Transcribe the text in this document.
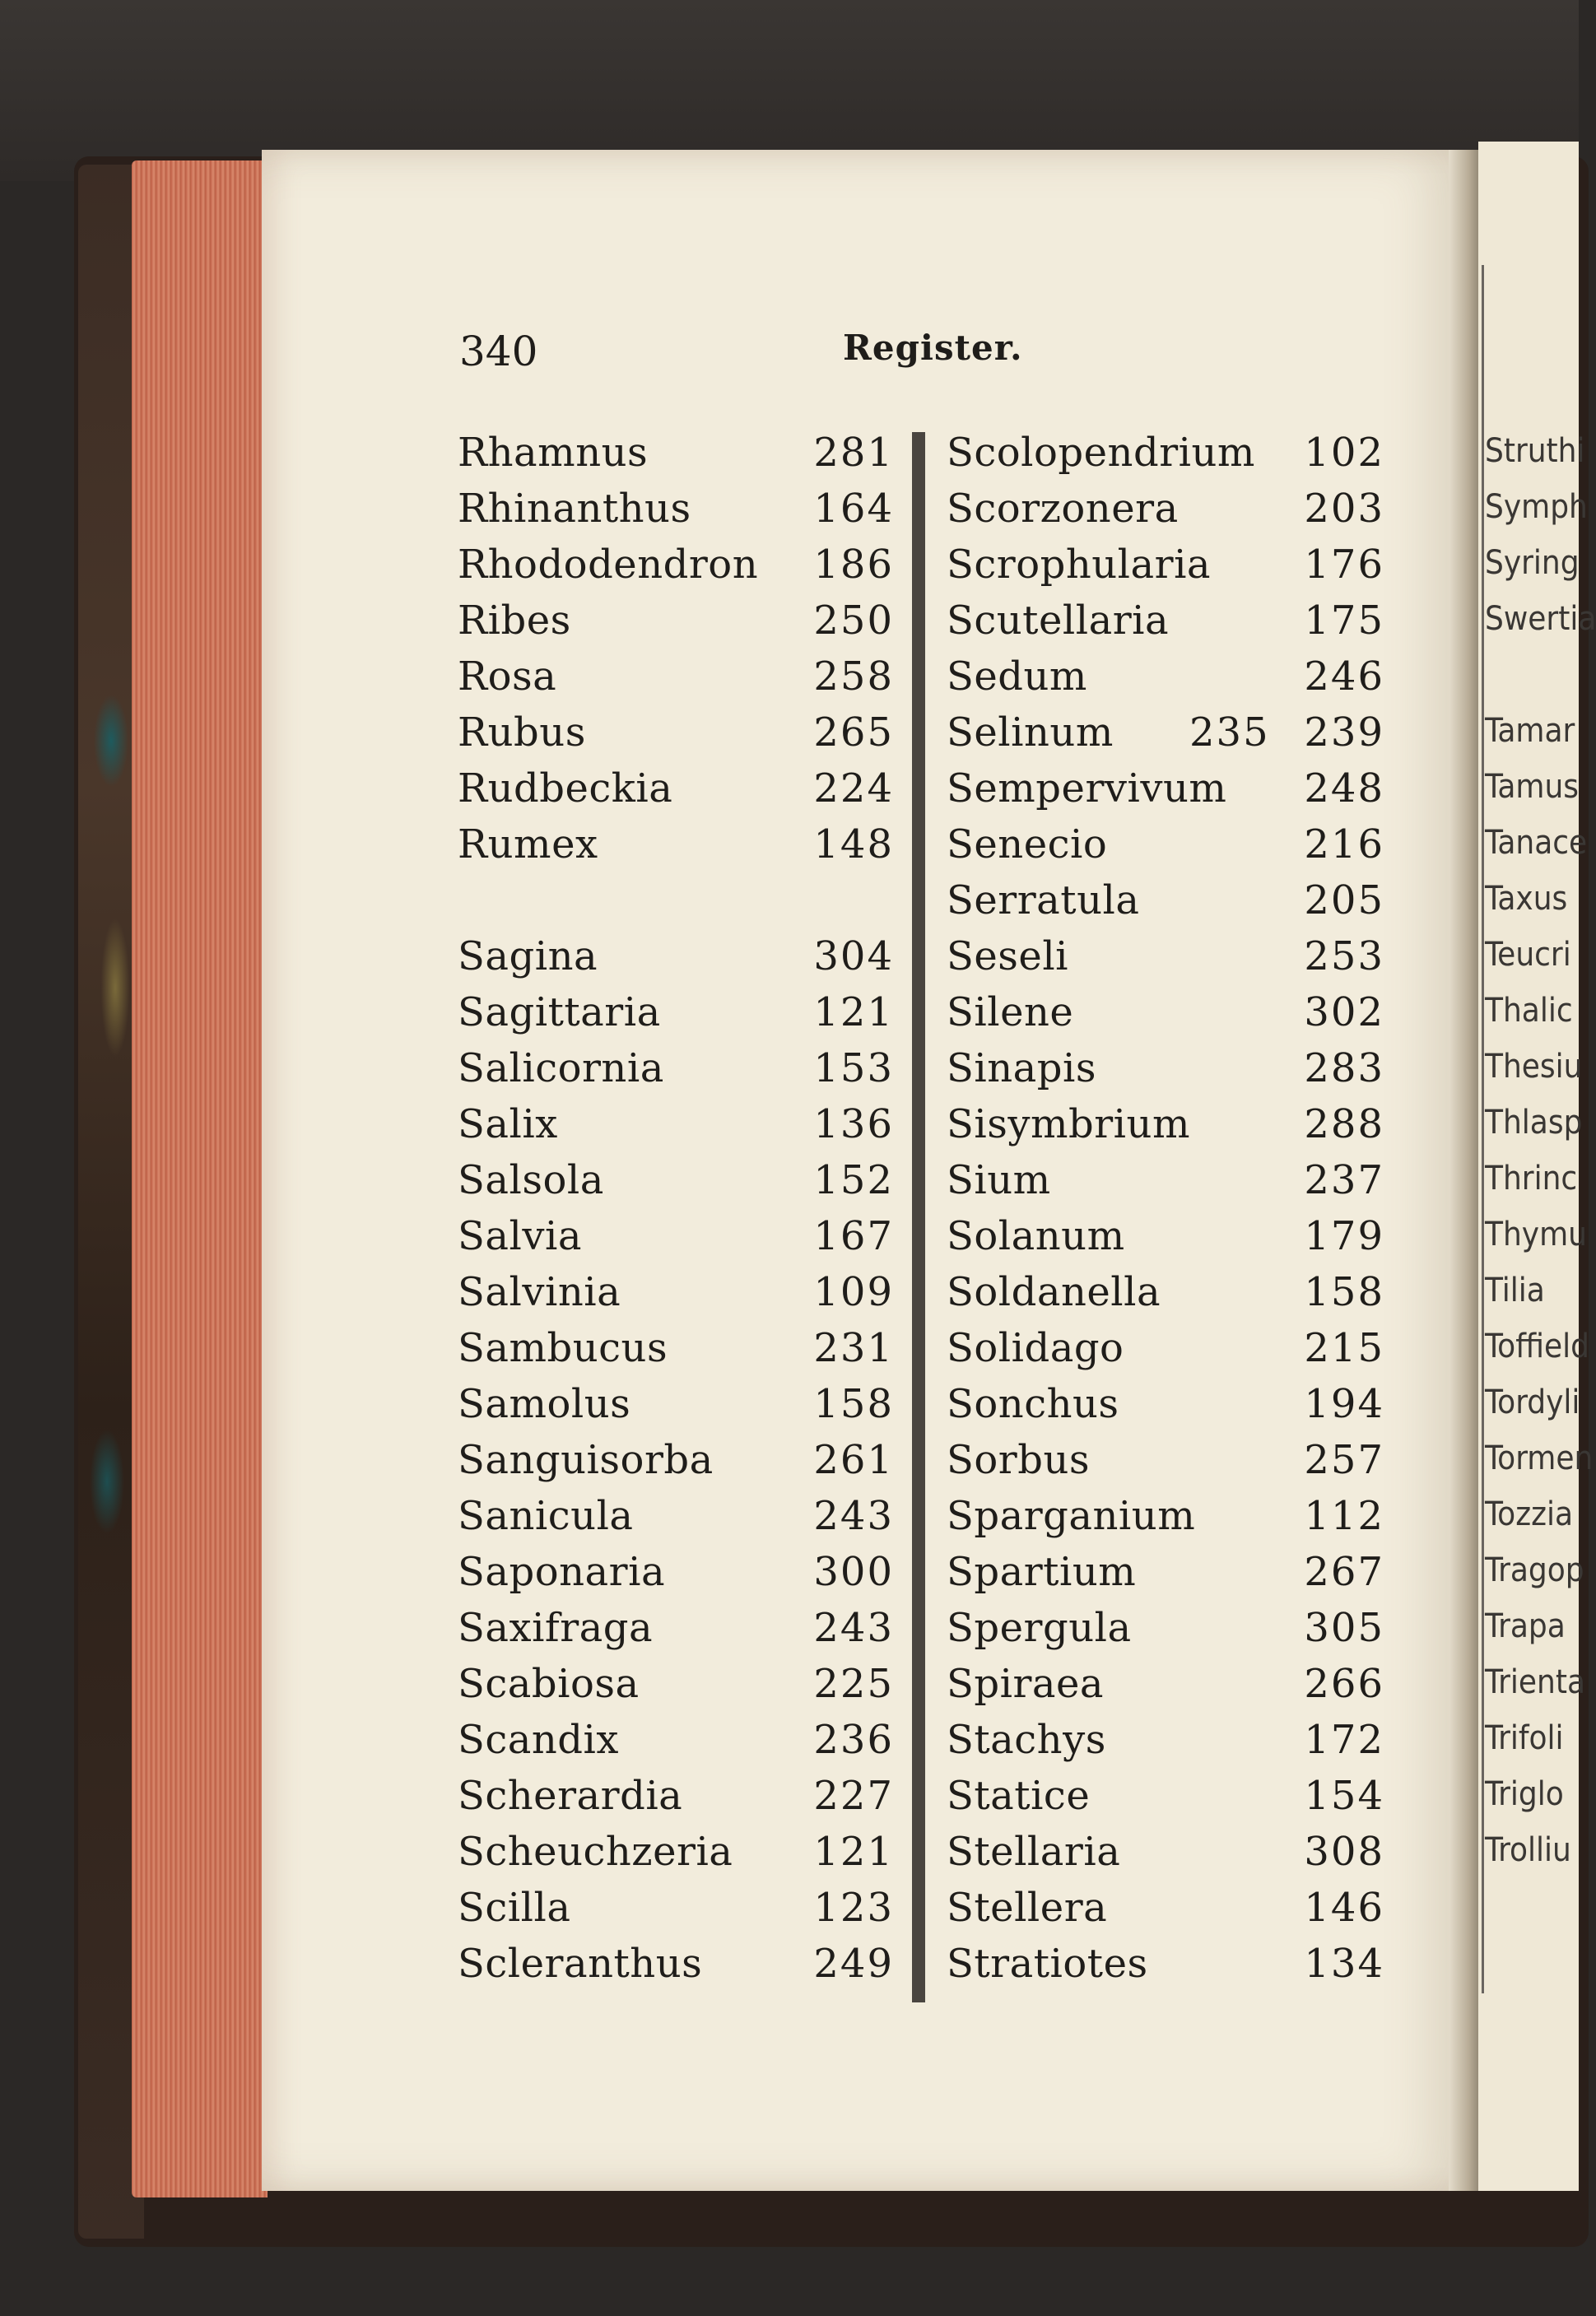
Struthi
Symph
Syring
Swertia
Tamar
Tamus
Tanace
Taxus
Teucri
Thalic
Thesiu
Thlasp
Thrinc
Thymu
Tilia
Toffield
Tordyli
Tormen
Tozzia
Tragop
Trapa
Trienta
Trifoli
Triglo
Trolliu
340	Register.
Rhamnus	281
Rhinanthus	164
Rhododendron 186
Ribes	250
Rosa	258
Rubus	265
Rudbeckia	224
Rumex	148
Sagina	304
Sagittaria	121
Salicornia	153
Salix	136
Salsola	152
Salvia	167
Salvinia	109
Sambucus	231
Samolus	158
Sanguisorba	261
Sanicula	243
Saponaria	300
Saxifraga	243
Scabiosa	225
Scandix	236
Scherardia	227
Scheuchzeria 121
Scilla	123
Scleranthus	249
Scolopendrium 102
Scorzonera	203
Scrophularia 176
Scutellaria	175
Sedum	246
Selinum 235 239
Sempervivum 248
Senecio	216
Serratula	205
Seseli	253
Silene	302
Sinapis	283
Sisymbrium	288
Sium	237
Solanum	179
Soldanella	158
Solidago	215
Sonchus	194
Sorbus	257
Sparganium	112
Spartium	267
Spergula	305
Spiraea	266
Stachys	172
Statice	154
Stellaria	308
Stellera	146
Stratiotes	134
